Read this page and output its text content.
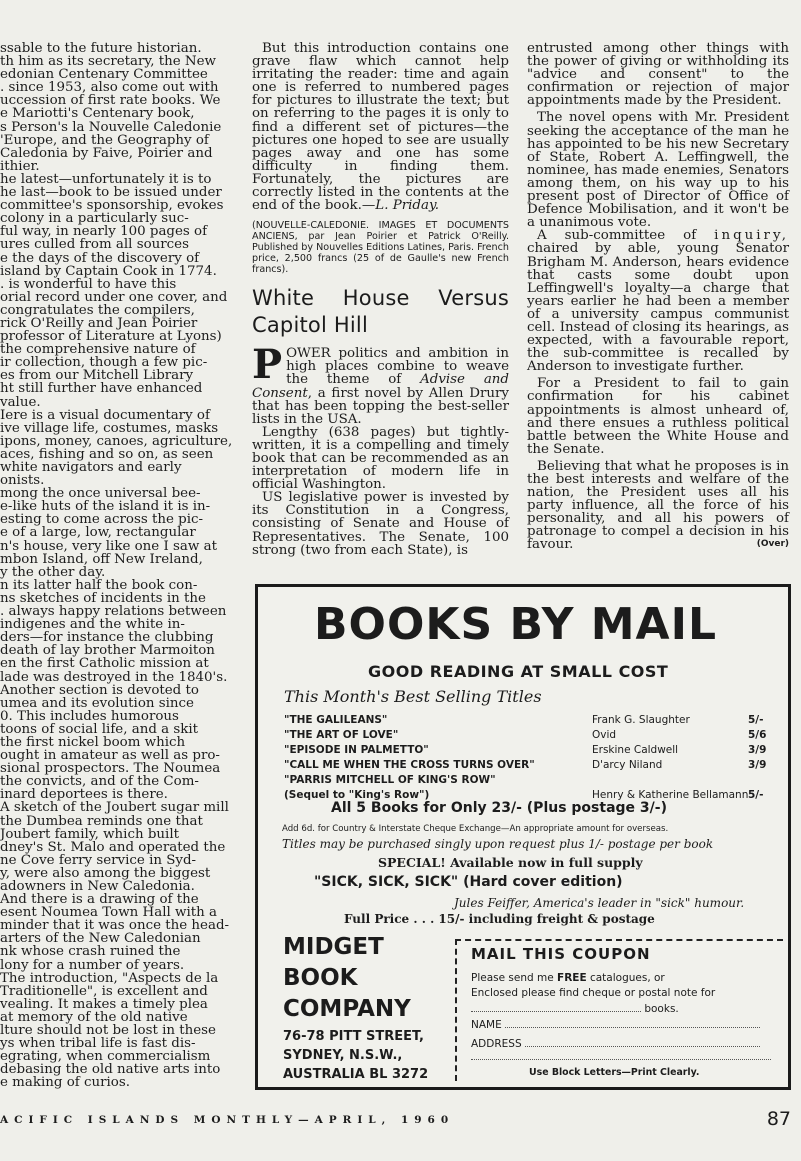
ssable to the future historian.

th him as its secretary, the New

edonian Centenary Committee

. since 1953, also come out with

uccession of first rate books. We

e Mariotti's Centenary book,

s Person's la Nouvelle Caledonie

'Europe, and the Geography of

Caledonia by Faive, Poirier and

ithier.

he latest—unfortunately it is to

he last—book to be issued under

committee's sponsorship, evokes

colony in a particularly suc-

ful way, in nearly 100 pages of

ures culled from all sources

e the days of the discovery of

island by Captain Cook in 1774.

. is wonderful to have this

orial record under one cover, and

congratulates the compilers,

rick O'Reilly and Jean Poirier

professor of Literature at Lyons)

the comprehensive nature of

ir collection, though a few pic-

es from our Mitchell Library

ht still further have enhanced

value.

Iere is a visual documentary of

ive village life, costumes, masks

ipons, money, canoes, agriculture,

aces, fishing and so on, as seen

white navigators and early

onists.

mong the once universal bee-

e-like huts of the island it is in-

esting to come across the pic-

e of a large, low, rectangular

n's house, very like one I saw at

mbon Island, off New Ireland,

y the other day.

n its latter half the book con-

ns sketches of incidents in the

. always happy relations between

indigenes and the white in-

ders—for instance the clubbing

death of lay brother Marmoiton

en the first Catholic mission at

lade was destroyed in the 1840's.

Another section is devoted to

umea and its evolution since

0. This includes humorous

toons of social life, and a skit

the first nickel boom which

ought in amateur as well as pro-

sional prospectors. The Noumea

the convicts, and of the Com-

inard deportees is there.

A sketch of the Joubert sugar mill

the Dumbea reminds one that

Joubert family, which built

dney's St. Malo and operated the

ne Cove ferry service in Syd-

y, were also among the biggest

adowners in New Caledonia.

And there is a drawing of the

esent Noumea Town Hall with a

minder that it was once the head-

arters of the New Caledonian

nk whose crash ruined the

lony for a number of years.

The introduction, "Aspects de la

Traditionelle", is excellent and

vealing. It makes a timely plea

at memory of the old native

lture should not be lost in these

ys when tribal life is fast dis-

egrating, when commercialism

debasing the old native arts into

e making of curios.

But this introduction contains one grave flaw which cannot help irritating the reader: time and again one is referred to numbered pages for pictures to illustrate the text; but on referring to the pages it is only to find a different set of pictures—the pictures one hoped to see are usually pages away and one has some difficulty in finding them. Fortunately, the pictures are correctly listed in the contents at the end of the book.—L. Priday.

(NOUVELLE-CALEDONIE. IMAGES ET DOCUMENTS ANCIENS, par Jean Poirier et Patrick O'Reilly. Published by Nouvelles Editions Latines, Paris. French price, 2,500 francs (25 of de Gaulle's new French francs).

White House Versus Capitol Hill

POWER politics and ambition in high places combine to weave the theme of Advise and Consent, a first novel by Allen Drury that has been topping the best-seller lists in the USA.

Lengthy (638 pages) but tightly-written, it is a compelling and timely book that can be recommended as an interpretation of modern life in official Washington.

US legislative power is invested by its Constitution in a Congress, consisting of Senate and House of Representatives. The Senate, 100 strong (two from each State), is

entrusted among other things with the power of giving or withholding its "advice and consent" to the confirmation or rejection of major appointments made by the President.

The novel opens with Mr. President seeking the acceptance of the man he has appointed to be his new Secretary of State, Robert A. Leffingwell, the nominee, has made enemies, Senators among them, on his way up to his present post of Director of Office of Defence Mobilisation, and it won't be a unanimous vote.

A sub-committee of inquiry, chaired by able, young Senator Brigham M. Anderson, hears evidence that casts some doubt upon Leffingwell's loyalty—a charge that years earlier he had been a member of a university campus communist cell. Instead of closing its hearings, as expected, with a favourable report, the sub-committee is recalled by Anderson to investigate further.

For a President to fail to gain confirmation for his cabinet appointments is almost unheard of, and there ensues a ruthless political battle between the White House and the Senate.

Believing that what he proposes is in the best interests and welfare of the nation, the President uses all his party influence, all the force of his personality, and all his powers of patronage to compel a decision in his favour.	(Over)

BOOKS BY MAIL
GOOD READING AT SMALL COST
This Month's Best Selling Titles
"THE GALILEANS"	Frank G. Slaughter	5/-
"THE ART OF LOVE"	Ovid	5/6
"EPISODE IN PALMETTO"	Erskine Caldwell	3/9
"CALL ME WHEN THE CROSS TURNS OVER"	D'arcy Niland	3/9
"PARRIS MITCHELL OF KING'S ROW"
(Sequel to "King's Row")	Henry & Katherine Bellamann 5/-
All 5 Books for Only 23/- (Plus postage 3/-)
Add 6d. for Country & Interstate Cheque Exchange—An appropriate amount for overseas.
Titles may be purchased singly upon request plus 1/- postage per book
SPECIAL! Available now in full supply
"SICK, SICK, SICK" (Hard cover edition)
Jules Feiffer, America's leader in "sick" humour.
Full Price . . . 15/- including freight & postage
MIDGET
BOOK
COMPANY
76-78 PITT STREET,
SYDNEY, N.S.W.,
AUSTRALIA BL 3272
MAIL THIS COUPON
Please send me FREE catalogues, or
Enclosed please find cheque or postal note for
books.
NAME
ADDRESS
Use Block Letters—Print Clearly.
ACIFIC ISLANDS MONTHLY—APRIL, 1960	87
